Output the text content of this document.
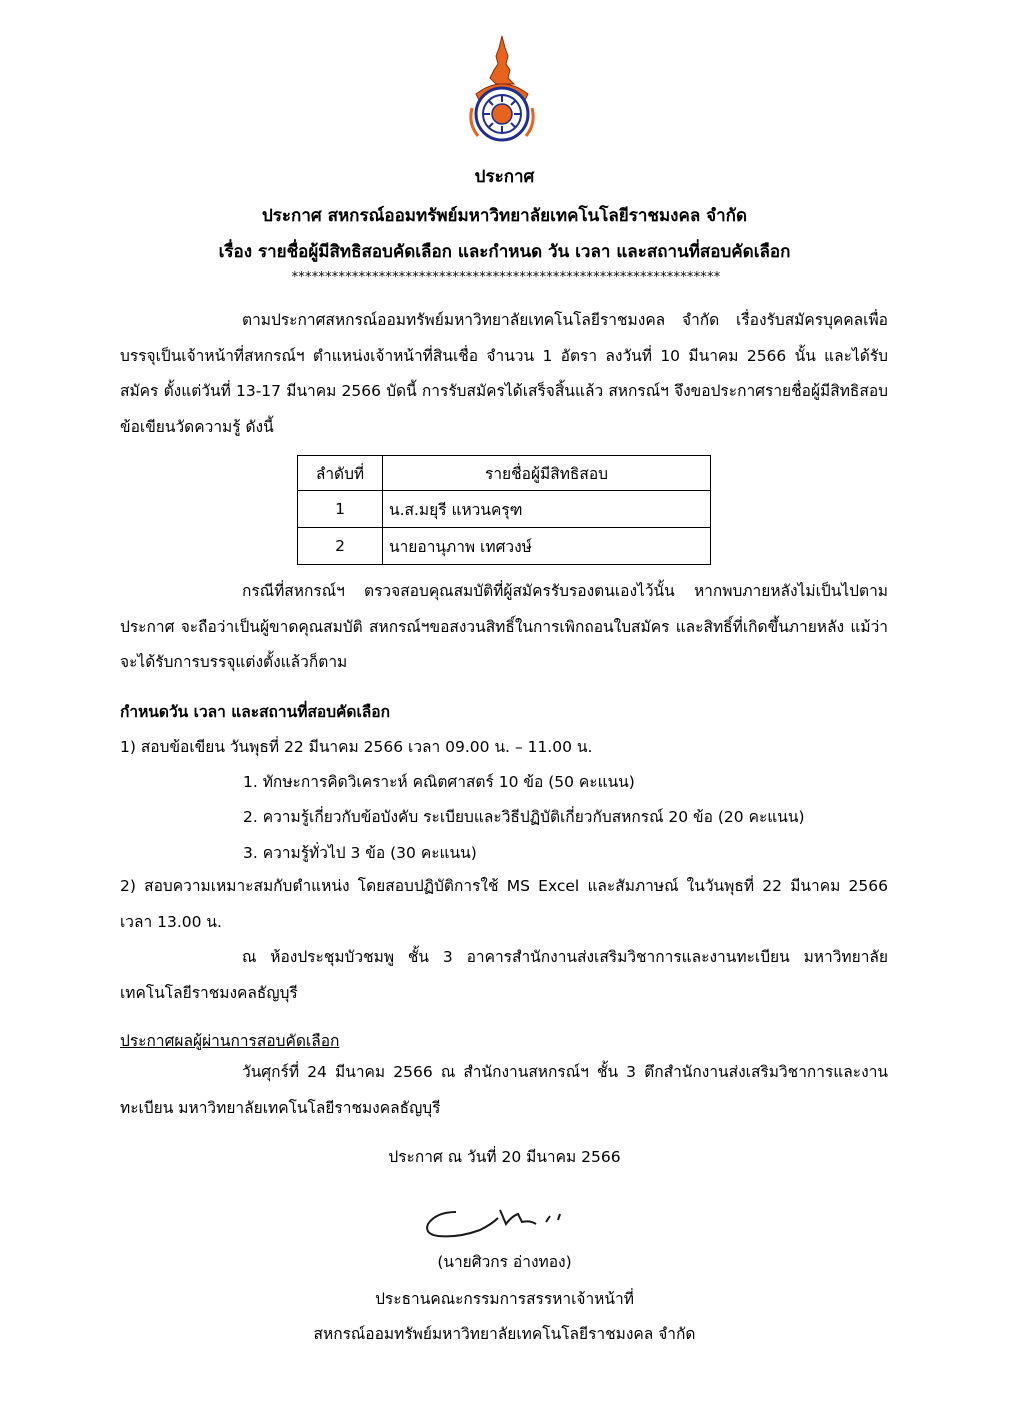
ประกาศ
ประกาศ สหกรณ์ออมทรัพย์มหาวิทยาลัยเทคโนโลยีราชมงคล จำกัด
เรื่อง รายชื่อผู้มีสิทธิสอบคัดเลือก และกำหนด วัน เวลา และสถานที่สอบคัดเลือก
****************************************************************
ตามประกาศสหกรณ์ออมทรัพย์มหาวิทยาลัยเทคโนโลยีราชมงคล จำกัด เรื่องรับสมัครบุคคลเพื่อบรรจุเป็นเจ้าหน้าที่สหกรณ์ฯ ตำแหน่งเจ้าหน้าที่สินเชื่อ จำนวน 1 อัตรา ลงวันที่ 10 มีนาคม 2566 นั้น และได้รับสมัคร ตั้งแต่วันที่ 13-17 มีนาคม 2566 บัดนี้ การรับสมัครได้เสร็จสิ้นแล้ว สหกรณ์ฯ จึงขอประกาศรายชื่อผู้มีสิทธิสอบ ข้อเขียนวัดความรู้ ดังนี้
ลำดับที่	รายชื่อผู้มีสิทธิสอบ
1	น.ส.มยุรี แหวนครุฑ
2	นายอานุภาพ เทศวงษ์
กรณีที่สหกรณ์ฯ ตรวจสอบคุณสมบัติที่ผู้สมัครรับรองตนเองไว้นั้น หากพบภายหลังไม่เป็นไปตามประกาศ จะถือว่าเป็นผู้ขาดคุณสมบัติ สหกรณ์ฯขอสงวนสิทธิ์ในการเพิกถอนใบสมัคร และสิทธิ์ที่เกิดขึ้นภายหลัง แม้ว่าจะได้รับการบรรจุแต่งตั้งแล้วก็ตาม
กำหนดวัน เวลา และสถานที่สอบคัดเลือก
1) สอบข้อเขียน วันพุธที่ 22 มีนาคม 2566 เวลา 09.00 น. – 11.00 น.
1. ทักษะการคิดวิเคราะห์ คณิตศาสตร์ 10 ข้อ (50 คะแนน)
2. ความรู้เกี่ยวกับข้อบังคับ ระเบียบและวิธีปฏิบัติเกี่ยวกับสหกรณ์ 20 ข้อ (20 คะแนน)
3. ความรู้ทั่วไป 3 ข้อ (30 คะแนน)
2) สอบความเหมาะสมกับตำแหน่ง โดยสอบปฏิบัติการใช้ MS Excel และสัมภาษณ์ ในวันพุธที่ 22 มีนาคม 2566 เวลา 13.00 น.
ณ ห้องประชุมบัวชมพู ชั้น 3 อาคารสำนักงานส่งเสริมวิชาการและงานทะเบียน มหาวิทยาลัยเทคโนโลยีราชมงคลธัญบุรี
ประกาศผลผู้ผ่านการสอบคัดเลือก
วันศุกร์ที่ 24 มีนาคม 2566 ณ สำนักงานสหกรณ์ฯ ชั้น 3 ตึกสำนักงานส่งเสริมวิชาการและงานทะเบียน มหาวิทยาลัยเทคโนโลยีราชมงคลธัญบุรี
ประกาศ ณ วันที่ 20 มีนาคม 2566
(นายศิวกร อ่างทอง)
ประธานคณะกรรมการสรรหาเจ้าหน้าที่
สหกรณ์ออมทรัพย์มหาวิทยาลัยเทคโนโลยีราชมงคล จำกัด
